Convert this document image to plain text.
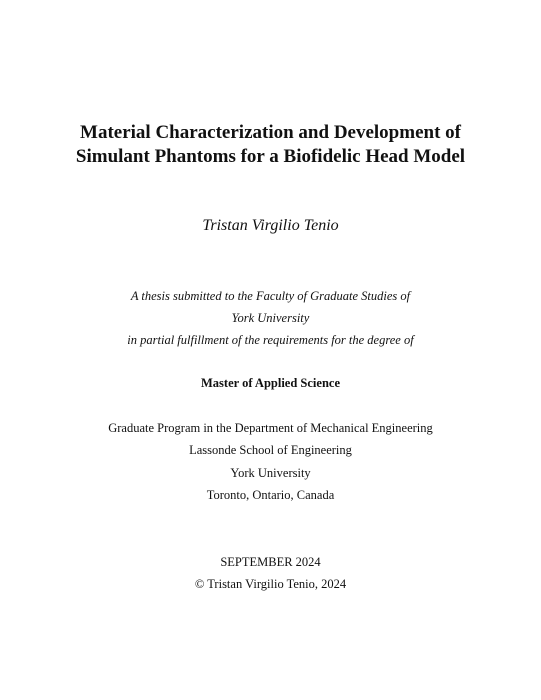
Material Characterization and Development of
Simulant Phantoms for a Biofidelic Head Model
Tristan Virgilio Tenio
A thesis submitted to the Faculty of Graduate Studies of
York University
in partial fulfillment of the requirements for the degree of
Master of Applied Science
Graduate Program in the Department of Mechanical Engineering
Lassonde School of Engineering
York University
Toronto, Ontario, Canada
SEPTEMBER 2024
© Tristan Virgilio Tenio, 2024
